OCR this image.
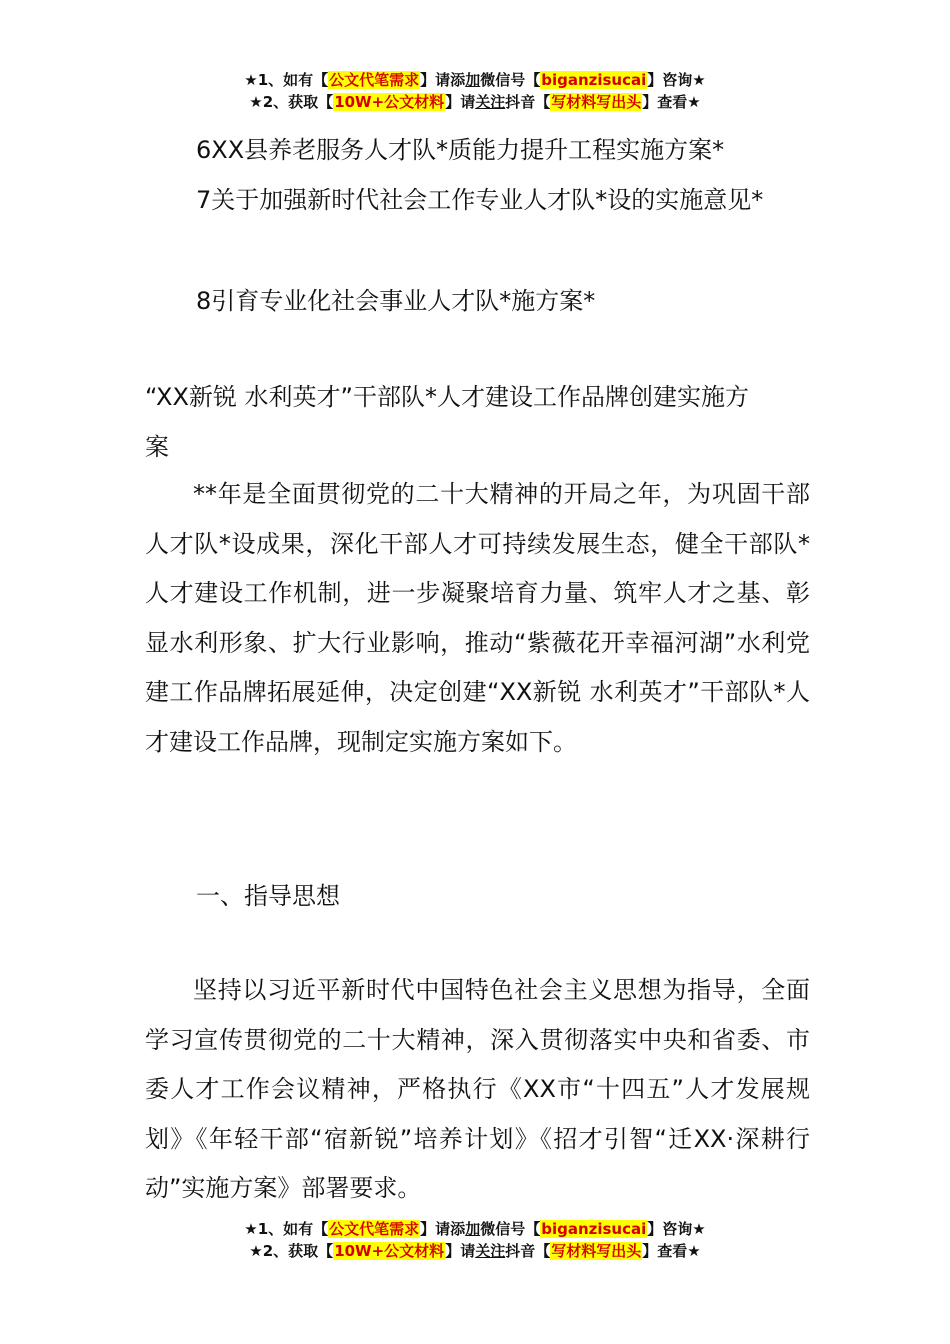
★1、如有【公文代笔需求】请添加微信号【biganzisucai】咨询★
★2、获取【10W+公文材料】请关注抖音【写材料写出头】查看★
6XX县养老服务人才队*质能力提升工程实施方案*
7关于加强新时代社会工作专业人才队*设的实施意见*
8引育专业化社会事业人才队*施方案*
“XX新锐 水利英才”干部队*人才建设工作品牌创建实施方
案
**年是全面贯彻党的二十大精神的开局之年，为巩固干部人才队*设成果，深化干部人才可持续发展生态，健全干部队*人才建设工作机制，进一步凝聚培育力量、筑牢人才之基、彰显水利形象、扩大行业影响，推动“紫薇花开幸福河湖”水利党建工作品牌拓展延伸，决定创建“XX新锐 水利英才”干部队*人才建设工作品牌，现制定实施方案如下。
一、指导思想
坚持以习近平新时代中国特色社会主义思想为指导，全面学习宣传贯彻党的二十大精神，深入贯彻落实中央和省委、市委人才工作会议精神，严格执行《XX市“十四五”人才发展规划》《年轻干部“宿新锐”培养计划》《招才引智“迁XX·深耕行动”实施方案》部署要求。
★1、如有【公文代笔需求】请添加微信号【biganzisucai】咨询★
★2、获取【10W+公文材料】请关注抖音【写材料写出头】查看★
